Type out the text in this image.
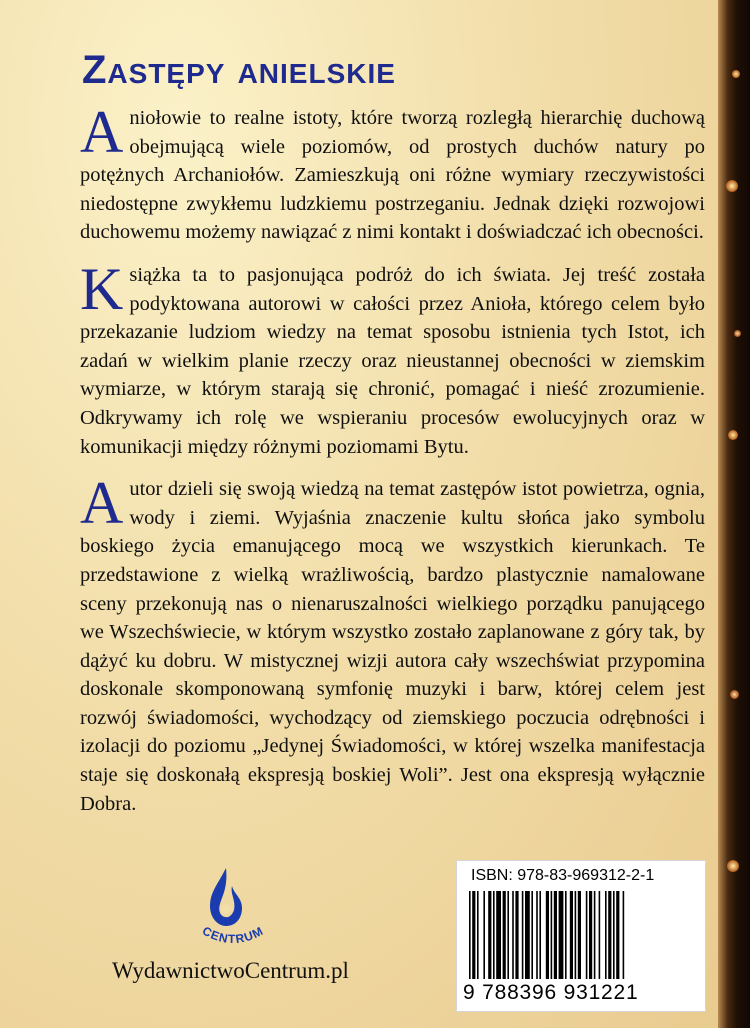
Zastępy anielskie

Aniołowie to realne istoty, które tworzą rozległą hierarchię duchową obejmującą wiele poziomów, od prostych duchów natury po potężnych Archaniołów. Zamieszkują oni różne wymiary rzeczywistości niedostępne zwykłemu ludzkiemu postrzeganiu. Jednak dzięki rozwojowi duchowemu możemy nawiązać z nimi kontakt i doświadczać ich obecności.

Książka ta to pasjonująca podróż do ich świata. Jej treść została podyktowana autorowi w całości przez Anioła, którego celem było przekazanie ludziom wiedzy na temat sposobu istnienia tych Istot, ich zadań w wielkim planie rzeczy oraz nieustannej obecności w ziemskim wymiarze, w którym starają się chronić, pomagać i nieść zrozumienie. Odkrywamy ich rolę we wspieraniu procesów ewolucyjnych oraz w komunikacji między różnymi poziomami Bytu.

Autor dzieli się swoją wiedzą na temat zastępów istot powietrza, ognia, wody i ziemi. Wyjaśnia znaczenie kultu słońca jako symbolu boskiego życia emanującego mocą we wszystkich kierunkach. Te przedstawione z wielką wrażliwością, bardzo plastycznie namalowane sceny przekonują nas o nienaruszalności wielkiego porządku panującego we Wszechświecie, w którym wszystko zostało zaplanowane z góry tak, by dążyć ku dobru. W mistycznej wizji autora cały wszechświat przypomina doskonale skomponowaną symfonię muzyki i barw, której celem jest rozwój świadomości, wychodzący od ziemskiego poczucia odrębności i izolacji do poziomu „Jedynej Świadomości, w której wszelka manifestacja staje się doskonałą ekspresją boskiej Woli”. Jest ona ekspresją wyłącznie Dobra.

CENTRUM

WydawnictwoCentrum.pl

ISBN: 978-83-969312-2-1
9 788396 931221
